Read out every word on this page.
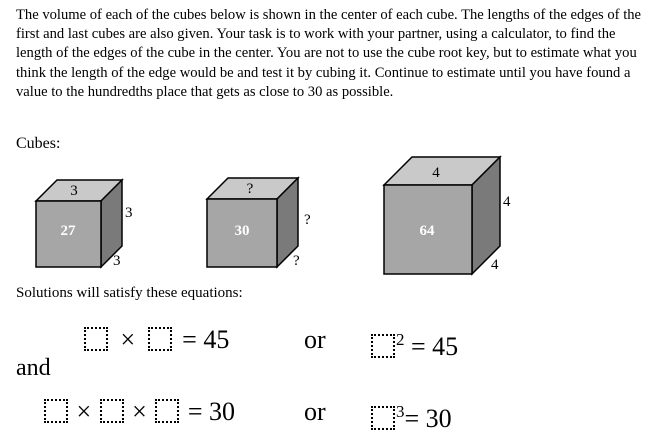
The volume of each of the cubes below is shown in the center of each cube. The lengths of the edges of the first and last cubes are also given. Your task is to work with your partner, using a calculator, to find the length of the edges of the cube in the center. You are not to use the cube root key, but to estimate what you think the length of the edge would be and test it by cubing it. Continue to estimate until you have found a value to the hundredths place that gets as close to 30 as possible.

Cubes:

27
3
3
3
30
?
?
?
64
4
4
4

Solutions will satisfy these equations:

× = 45	or	$^2$ = 45

and

× × = 30	or	$^3$= 30
